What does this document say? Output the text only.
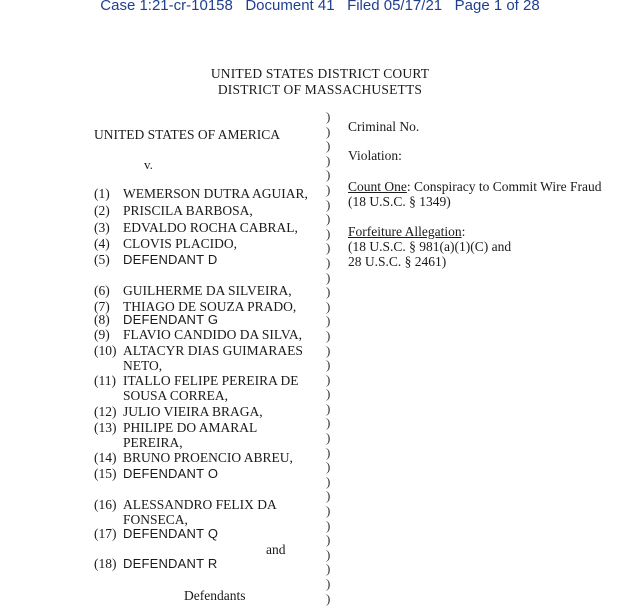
Case 1:21-cr-10158   Document 41   Filed 05/17/21   Page 1 of 28
UNITED STATES DISTRICT COURT
DISTRICT OF MASSACHUSETTS
UNITED STATES OF AMERICA
v.
(1) WEMERSON DUTRA AGUIAR,
(2) PRISCILA BARBOSA,
(3) EDVALDO ROCHA CABRAL,
(4) CLOVIS PLACIDO,
(5)	DEFENDANT D
(6) GUILHERME DA SILVEIRA,
(7) THIAGO DE SOUZA PRADO,
(8)	DEFENDANT G
(9) FLAVIO CANDIDO DA SILVA,
(10) ALTACYR DIAS GUIMARAES
NETO,
(11) ITALLO FELIPE PEREIRA DE
SOUSA CORREA,
(12) JULIO VIEIRA BRAGA,
(13) PHILIPE DO AMARAL
PEREIRA,
(14) BRUNO PROENCIO ABREU,
(15) DEFENDANT O
(16) ALESSANDRO FELIX DA
FONSECA,
(17) DEFENDANT Q
(18) DEFENDANT R
and
Defendants
)
)
)
)
)
)
)
)
)
)
)
)
)
)
)
)
)
)
)
)
)
)
)
)
)
)
)
)
)
)
)
)
)
)
Criminal No.
Violation:
Count One: Conspiracy to Commit Wire Fraud
(18 U.S.C. § 1349)
Forfeiture Allegation:
(18 U.S.C. § 981(a)(1)(C) and
28 U.S.C. § 2461)
